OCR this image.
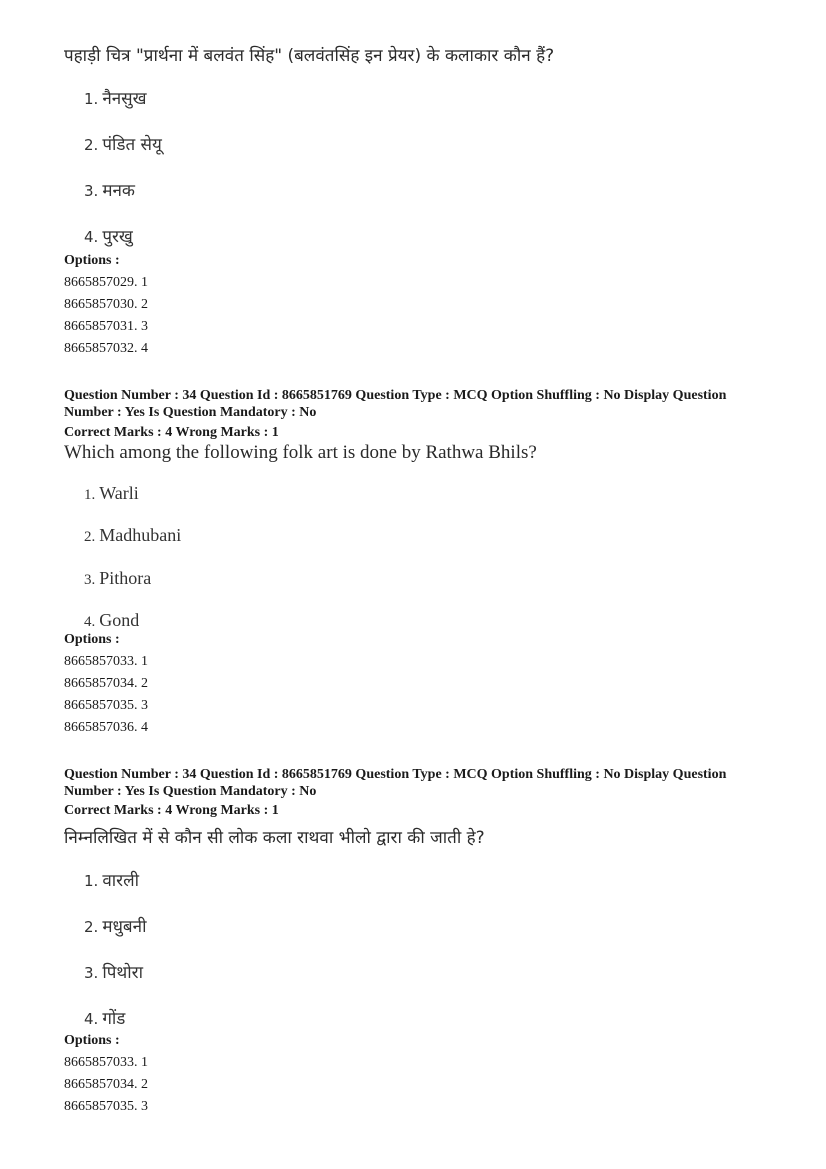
पहाड़ी चित्र "प्रार्थना में बलवंत सिंह" (बलवंतसिंह इन प्रेयर) के कलाकार कौन हैं?
1. नैनसुख
2. पंडित सेयू
3. मनक
4. पुरखु
Options :
8665857029. 1
8665857030. 2
8665857031. 3
8665857032. 4
Question Number : 34 Question Id : 8665851769 Question Type : MCQ Option Shuffling : No Display Question Number : Yes Is Question Mandatory : No
Correct Marks : 4 Wrong Marks : 1
Which among the following folk art is done by Rathwa Bhils?
1. Warli
2. Madhubani
3. Pithora
4. Gond
Options :
8665857033. 1
8665857034. 2
8665857035. 3
8665857036. 4
Question Number : 34 Question Id : 8665851769 Question Type : MCQ Option Shuffling : No Display Question Number : Yes Is Question Mandatory : No
Correct Marks : 4 Wrong Marks : 1
निम्नलिखित में से कौन सी लोक कला राथवा भीलो द्वारा की जाती हे?
1. वारली
2. मधुबनी
3. पिथोरा
4. गोंड
Options :
8665857033. 1
8665857034. 2
8665857035. 3
